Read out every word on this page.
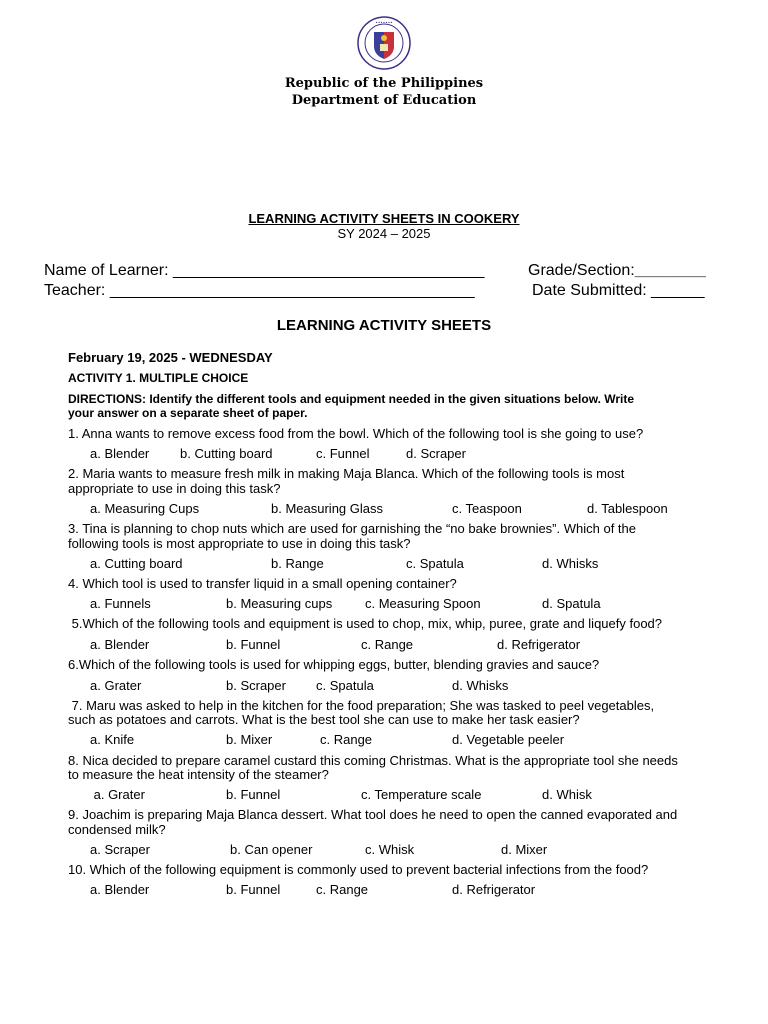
•••••••
Republic of the Philippines
Department of Education
LEARNING ACTIVITY SHEETS IN COOKERY
SY 2024 – 2025
Name of Learner: ___________________________________	Grade/Section:________
Teacher: _________________________________________	Date Submitted: ______
LEARNING ACTIVITY SHEETS
February 19, 2025 - WEDNESDAY
ACTIVITY 1. MULTIPLE CHOICE
DIRECTIONS: Identify the different tools and equipment needed in the given situations below. Write
your answer on a separate sheet of paper.
1. Anna wants to remove excess food from the bowl. Which of the following tool is she going to use?
a. Blender b. Cutting board	c. Funnel	d. Scraper
2. Maria wants to measure fresh milk in making Maja Blanca. Which of the following tools is most
appropriate to use in doing this task?
a. Measuring Cups	b. Measuring Glass	c. Teaspoon	d. Tablespoon
3. Tina is planning to chop nuts which are used for garnishing the “no bake brownies”. Which of the
following tools is most appropriate to use in doing this task?
a. Cutting board	b. Range	c. Spatula	d. Whisks
4. Which tool is used to transfer liquid in a small opening container?
a. Funnels	b. Measuring cups	c. Measuring Spoon	d. Spatula
5.Which of the following tools and equipment is used to chop, mix, whip, puree, grate and liquefy food?
a. Blender	b. Funnel	c. Range	d. Refrigerator
6.Which of the following tools is used for whipping eggs, butter, blending gravies and sauce?
a. Grater	b. Scraper c. Spatula	d. Whisks
7. Maru was asked to help in the kitchen for the food preparation; She was tasked to peel vegetables,
such as potatoes and carrots. What is the best tool she can use to make her task easier?
a. Knife	b. Mixer	c. Range	d. Vegetable peeler
8. Nica decided to prepare caramel custard this coming Christmas. What is the appropriate tool she needs
to measure the heat intensity of the steamer?
a. Grater	b. Funnel	c. Temperature scale	d. Whisk
9. Joachim is preparing Maja Blanca dessert. What tool does he need to open the canned evaporated and
condensed milk?
a. Scraper	b. Can opener	c. Whisk	d. Mixer
10. Which of the following equipment is commonly used to prevent bacterial infections from the food?
a. Blender	b. Funnel	c. Range	d. Refrigerator
